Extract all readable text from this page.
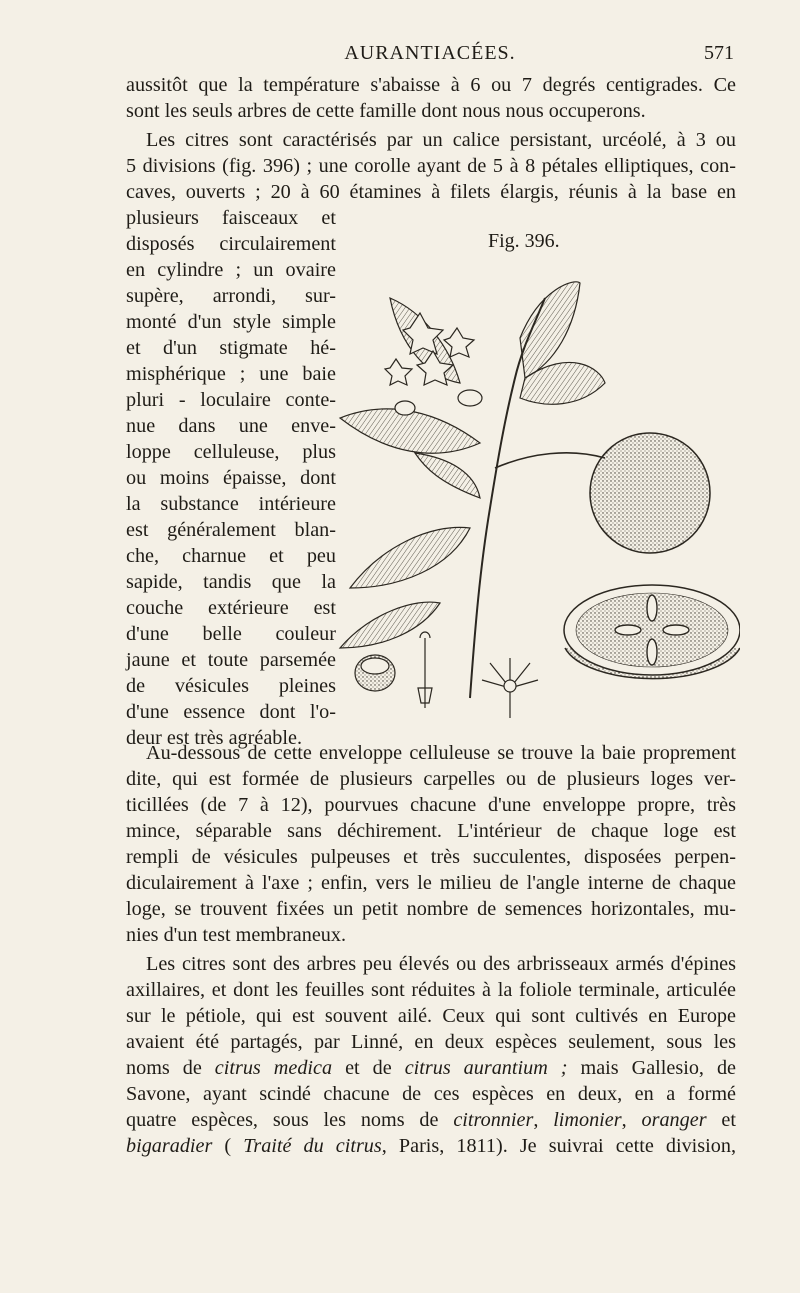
AURANTIACÉES.	571
aussitôt que la température s'abaisse à 6 ou 7 degrés centigrades. Ce
sont les seuls arbres de cette famille dont nous nous occuperons.
Les citres sont caractérisés par un calice persistant, urcéolé, à 3 ou
5 divisions (fig. 396) ; une corolle ayant de 5 à 8 pétales elliptiques, con-
caves, ouverts ; 20 à 60 étamines à filets élargis, réunis à la base en
plusieurs faisceaux et
disposés circulairement
en cylindre ; un ovaire
supère, arrondi, sur-
monté d'un style simple
et d'un stigmate hé-
misphérique ; une baie
pluri - loculaire conte-
nue dans une enve-
loppe celluleuse, plus
ou moins épaisse, dont
la substance intérieure
est généralement blan-
che, charnue et peu
sapide, tandis que la
couche extérieure est
d'une belle couleur
jaune et toute parsemée
de vésicules pleines
d'une essence dont l'o-
deur est très agréable.
Fig. 396.
Au-dessous de cette enveloppe celluleuse se trouve la baie proprement
dite, qui est formée de plusieurs carpelles ou de plusieurs loges ver-
ticillées (de 7 à 12), pourvues chacune d'une enveloppe propre, très
mince, séparable sans déchirement. L'intérieur de chaque loge est
rempli de vésicules pulpeuses et très succulentes, disposées perpen-
diculairement à l'axe ; enfin, vers le milieu de l'angle interne de chaque
loge, se trouvent fixées un petit nombre de semences horizontales, mu-
nies d'un test membraneux.
Les citres sont des arbres peu élevés ou des arbrisseaux armés d'épines
axillaires, et dont les feuilles sont réduites à la foliole terminale, articulée
sur le pétiole, qui est souvent ailé. Ceux qui sont cultivés en Europe
avaient été partagés, par Linné, en deux espèces seulement, sous les
noms de citrus medica et de citrus aurantium ; mais Gallesio, de
Savone, ayant scindé chacune de ces espèces en deux, en a formé
quatre espèces, sous les noms de citronnier, limonier, oranger et
bigaradier ( Traité du citrus, Paris, 1811). Je suivrai cette division,
